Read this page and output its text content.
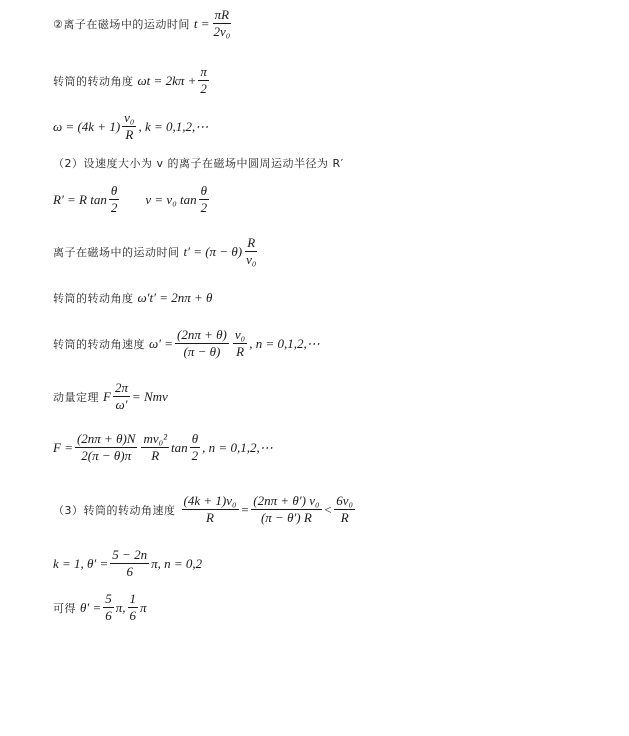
②离子在磁场中的运动时间 $t = \frac{\pi R}{\text{2v₀}}$
转筒的转动角度 $\omega t = 2k\pi + \frac{\pi}{2}$
$\omega = (4k + 1) \frac{\text{v₀}}{R}$ , k = 0,1,2,⋯
（2）设速度大小为 v 的离子在磁场中圆周运动半径为 R′
R′ = R $\tan \frac{\theta}{2}$ v = v₀ $\tan \frac{\theta}{2}$
离子在磁场中的运动时间 $t' = (\pi - \theta) \frac{R}{\text{v₀}}$
转筒的转动角度 ω′t′ = 2nπ + θ
转筒的转动角速度 $\omega' = \frac{(2n\pi + \theta)}{(\pi - \theta)} \frac{\text{v₀}}{R}$ , n = 0,1,2,⋯
动量定理 F $\frac{2\pi}{\omega'}$ = Nmv
$F = \frac{(2n\pi + \theta)N}{2(\pi - \theta)\pi} \frac{\text{mv₀²}}{R}$ $\tan \frac{\theta}{2}$ , n = 0,1,2,⋯
（3）转筒的转动角速度 $\frac{\text{(4k + 1)v₀}}{R} = \frac{\text{(2nπ + θ′) v₀}}{(\pi - \theta') R} < \frac{\text{6v₀}}{R}$
k = 1, $\theta' = \frac{5 - 2n}{6} \pi$, n = 0,2
可得 $\theta' = \frac{5}{6} \pi$, $\frac{1}{6}$ π
